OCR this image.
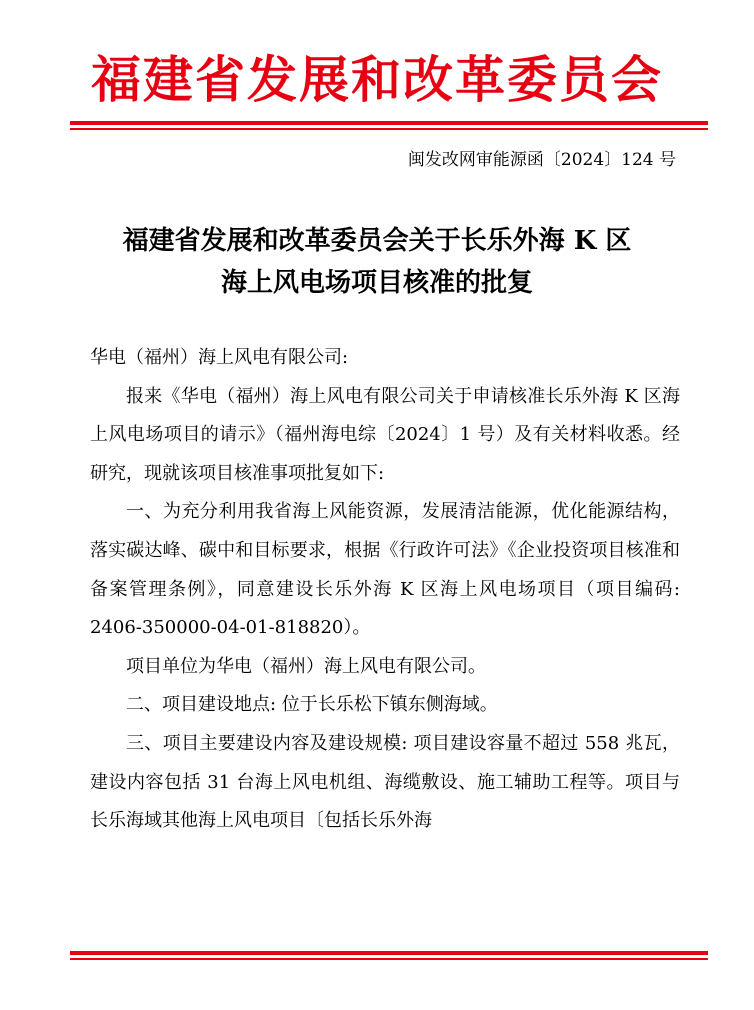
福建省发展和改革委员会
闽发改网审能源函〔2024〕124 号
福建省发展和改革委员会关于长乐外海 K 区
海上风电场项目核准的批复

华电（福州）海上风电有限公司:

报来《华电（福州）海上风电有限公司关于申请核准长乐外海 K 区海上风电场项目的请示》（福州海电综〔2024〕1 号）及有关材料收悉。经研究，现就该项目核准事项批复如下:

一、为充分利用我省海上风能资源，发展清洁能源，优化能源结构，落实碳达峰、碳中和目标要求，根据《行政许可法》《企业投资项目核准和备案管理条例》，同意建设长乐外海 K 区海上风电场项目（项目编码: 2406-350000-04-01-818820）。

项目单位为华电（福州）海上风电有限公司。

二、项目建设地点: 位于长乐松下镇东侧海域。

三、项目主要建设内容及建设规模: 项目建设容量不超过 558 兆瓦，建设内容包括 31 台海上风电机组、海缆敷设、施工辅助工程等。项目与长乐海域其他海上风电项目〔包括长乐外海
